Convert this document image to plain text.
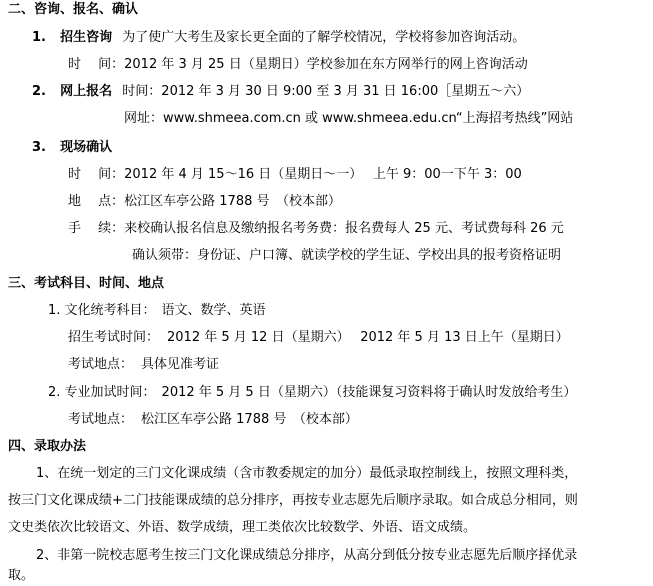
二、咨询、报名、确认
1. 招生咨询 为了使广大考生及家长更全面的了解学校情况，学校将参加咨询活动。
时　 间：2012 年 3 月 25 日（星期日）学校参加在东方网举行的网上咨询活动
2. 网上报名 时间：2012 年 3 月 30 日 9:00 至 3 月 31 日 16:00［星期五～六）
网址：www.shmeea.com.cn 或 www.shmeea.edu.cn“上海招考热线”网站
3. 现场确认
时　 间：2012 年 4 月 15～16 日（星期日～一）　 上午 9：00一下午 3：00
地　 点：松江区车亭公路 1788 号　（校本部）
手　 续：来校确认报名信息及缴纳报名考务费：报名费每人 25 元、考试费每科 26 元
确认须带：身份证、户口簿、就读学校的学生证、学校出具的报考资格证明
三、考试科目、时间、地点
1. 文化统考科目： 语文、数学、英语
招生考试时间： 2012 年 5 月 12 日（星期六）　 2012 年 5 月 13 日上午（星期日）
考试地点： 具体见准考证
2. 专业加试时间： 2012 年 5 月 5 日（星期六）（技能课复习资料将于确认时发放给考生）
考试地点： 松江区车亭公路 1788 号　（校本部）
四、录取办法
1、在统一划定的三门文化课成绩（含市教委规定的加分）最低录取控制线上，按照文理科类，
按三门文化课成绩+二门技能课成绩的总分排序，再按专业志愿先后顺序录取。如合成总分相同，则
文史类依次比较语文、外语、数学成绩，理工类依次比较数学、外语、语文成绩。
2、非第一院校志愿考生按三门文化课成绩总分排序，从高分到低分按专业志愿先后顺序择优录
取。
